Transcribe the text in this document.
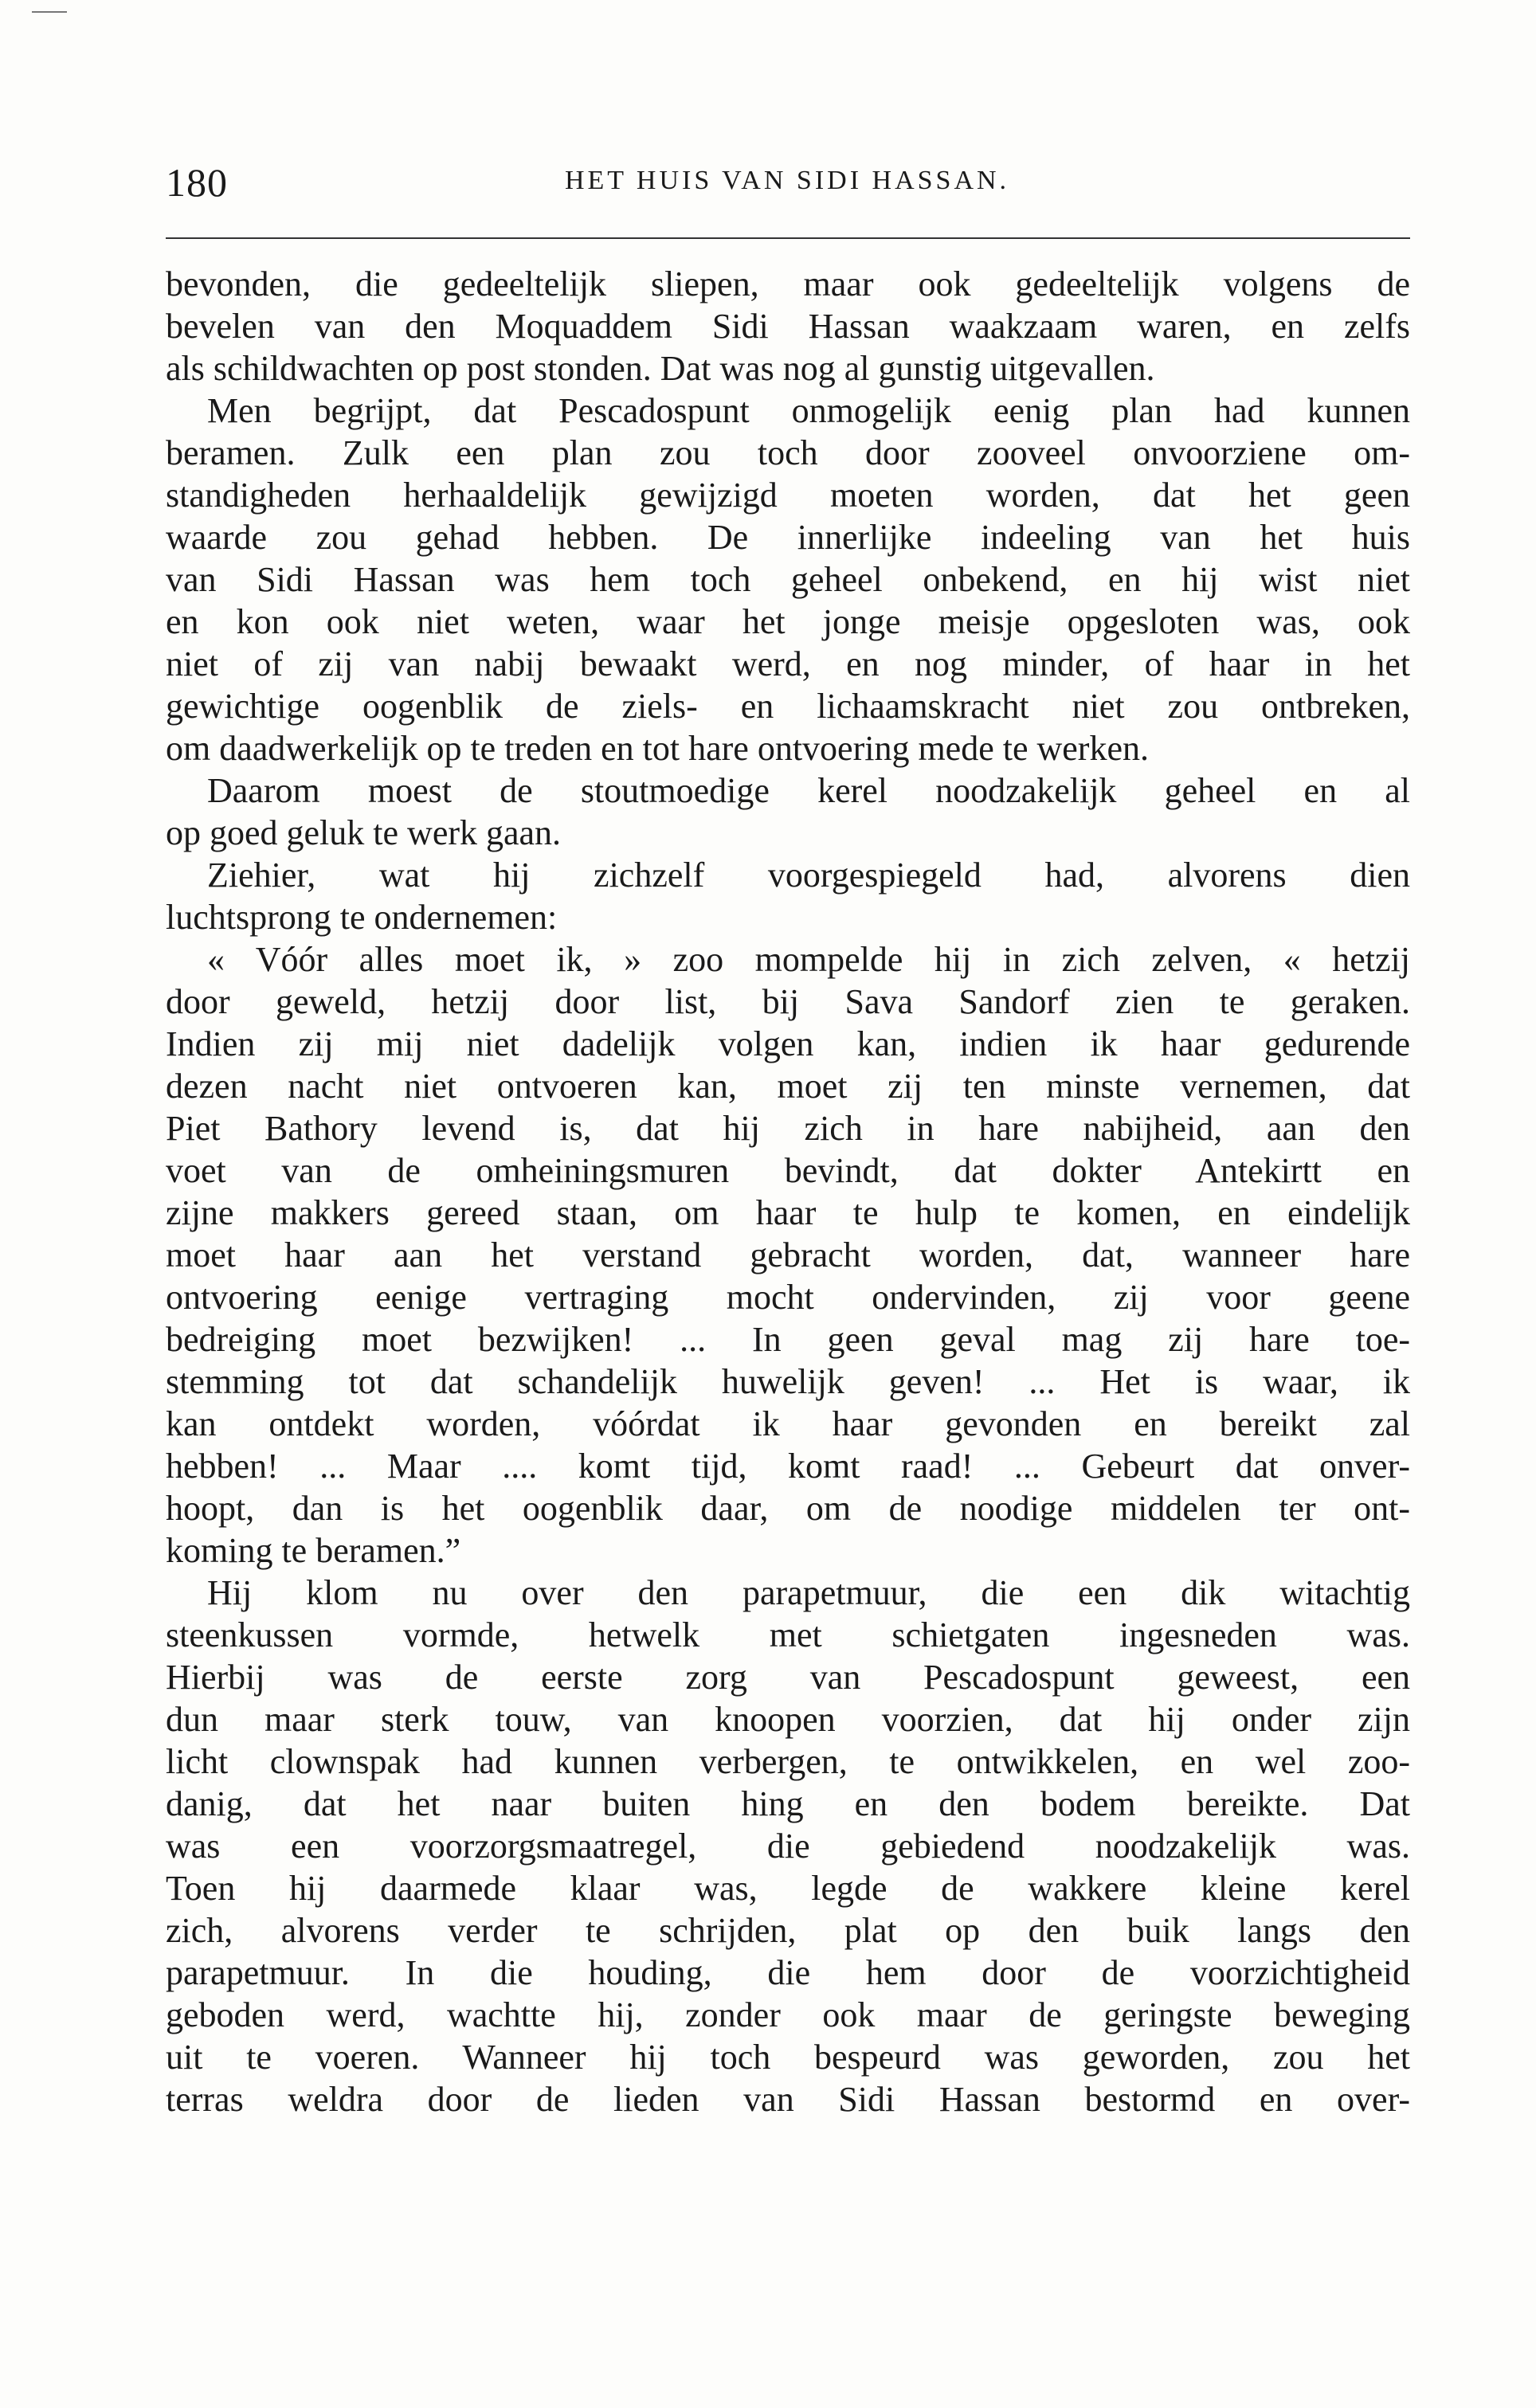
180	HET HUIS VAN SIDI HASSAN.
bevonden, die gedeeltelijk sliepen, maar ook gedeeltelijk volgens de
bevelen van den Moquaddem Sidi Hassan waakzaam waren, en zelfs
als schildwachten op post stonden. Dat was nog al gunstig uitgevallen.
Men begrijpt, dat Pescadospunt onmogelijk eenig plan had kunnen
beramen. Zulk een plan zou toch door zooveel onvoorziene om-
standigheden herhaaldelijk gewijzigd moeten worden, dat het geen
waarde zou gehad hebben. De innerlijke indeeling van het huis
van Sidi Hassan was hem toch geheel onbekend, en hij wist niet
en kon ook niet weten, waar het jonge meisje opgesloten was, ook
niet of zij van nabij bewaakt werd, en nog minder, of haar in het
gewichtige oogenblik de ziels- en lichaamskracht niet zou ontbreken,
om daadwerkelijk op te treden en tot hare ontvoering mede te werken.
Daarom moest de stoutmoedige kerel noodzakelijk geheel en al
op goed geluk te werk gaan.
Ziehier, wat hij zichzelf voorgespiegeld had, alvorens dien
luchtsprong te ondernemen:
« Vóór alles moet ik, » zoo mompelde hij in zich zelven, « hetzij
door geweld, hetzij door list, bij Sava Sandorf zien te geraken.
Indien zij mij niet dadelijk volgen kan, indien ik haar gedurende
dezen nacht niet ontvoeren kan, moet zij ten minste vernemen, dat
Piet Bathory levend is, dat hij zich in hare nabijheid, aan den
voet van de omheiningsmuren bevindt, dat dokter Antekirtt en
zijne makkers gereed staan, om haar te hulp te komen, en eindelijk
moet haar aan het verstand gebracht worden, dat, wanneer hare
ontvoering eenige vertraging mocht ondervinden, zij voor geene
bedreiging moet bezwijken! ... In geen geval mag zij hare toe-
stemming tot dat schandelijk huwelijk geven! ... Het is waar, ik
kan ontdekt worden, vóórdat ik haar gevonden en bereikt zal
hebben! ... Maar .... komt tijd, komt raad! ... Gebeurt dat onver-
hoopt, dan is het oogenblik daar, om de noodige middelen ter ont-
koming te beramen.”
Hij klom nu over den parapetmuur, die een dik witachtig
steenkussen vormde, hetwelk met schietgaten ingesneden was.
Hierbij was de eerste zorg van Pescadospunt geweest, een
dun maar sterk touw, van knoopen voorzien, dat hij onder zijn
licht clownspak had kunnen verbergen, te ontwikkelen, en wel zoo-
danig, dat het naar buiten hing en den bodem bereikte. Dat
was een voorzorgsmaatregel, die gebiedend noodzakelijk was.
Toen hij daarmede klaar was, legde de wakkere kleine kerel
zich, alvorens verder te schrijden, plat op den buik langs den
parapetmuur. In die houding, die hem door de voorzichtigheid
geboden werd, wachtte hij, zonder ook maar de geringste beweging
uit te voeren. Wanneer hij toch bespeurd was geworden, zou het
terras weldra door de lieden van Sidi Hassan bestormd en over-
